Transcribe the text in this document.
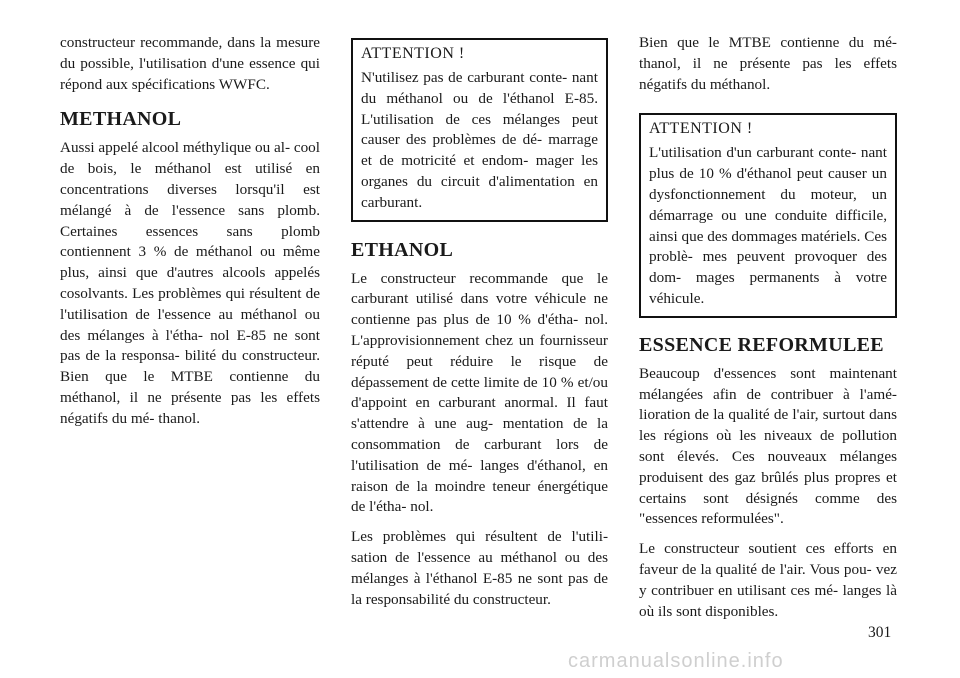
constructeur recommande, dans la mesure du possible, l'utilisation d'une essence qui répond aux spécifications WWFC.

METHANOL

Aussi appelé alcool méthylique ou al- cool de bois, le méthanol est utilisé en concentrations diverses lorsqu'il est mélangé à de l'essence sans plomb. Certaines essences sans plomb contiennent 3 % de méthanol ou même plus, ainsi que d'autres alcools appelés cosolvants. Les problèmes qui résultent de l'utilisation de l'essence au méthanol ou des mélanges à l'étha- nol E-85 ne sont pas de la responsa- bilité du constructeur. Bien que le MTBE contienne du méthanol, il ne présente pas les effets négatifs du mé- thanol.

ATTENTION !

N'utilisez pas de carburant conte- nant du méthanol ou de l'éthanol E-85. L'utilisation de ces mélanges peut causer des problèmes de dé- marrage et de motricité et endom- mager les organes du circuit d'alimentation en carburant.

ETHANOL

Le constructeur recommande que le carburant utilisé dans votre véhicule ne contienne pas plus de 10 % d'étha- nol. L'approvisionnement chez un fournisseur réputé peut réduire le risque de dépassement de cette limite de 10 % et/ou d'appoint en carburant anormal. Il faut s'attendre à une aug- mentation de la consommation de carburant lors de l'utilisation de mé- langes d'éthanol, en raison de la moindre teneur énergétique de l'étha- nol.

Les problèmes qui résultent de l'utili- sation de l'essence au méthanol ou des mélanges à l'éthanol E-85 ne sont pas de la responsabilité du constructeur.

Bien que le MTBE contienne du mé- thanol, il ne présente pas les effets négatifs du méthanol.

ATTENTION !

L'utilisation d'un carburant conte- nant plus de 10 % d'éthanol peut causer un dysfonctionnement du moteur, un démarrage ou une conduite difficile, ainsi que des dommages matériels. Ces problè- mes peuvent provoquer des dom- mages permanents à votre véhicule.

ESSENCE REFORMULEE

Beaucoup d'essences sont maintenant mélangées afin de contribuer à l'amé- lioration de la qualité de l'air, surtout dans les régions où les niveaux de pollution sont élevés. Ces nouveaux mélanges produisent des gaz brûlés plus propres et certains sont désignés comme des "essences reformulées".

Le constructeur soutient ces efforts en faveur de la qualité de l'air. Vous pou- vez y contribuer en utilisant ces mé- langes là où ils sont disponibles.

301
carmanualsonline.info
